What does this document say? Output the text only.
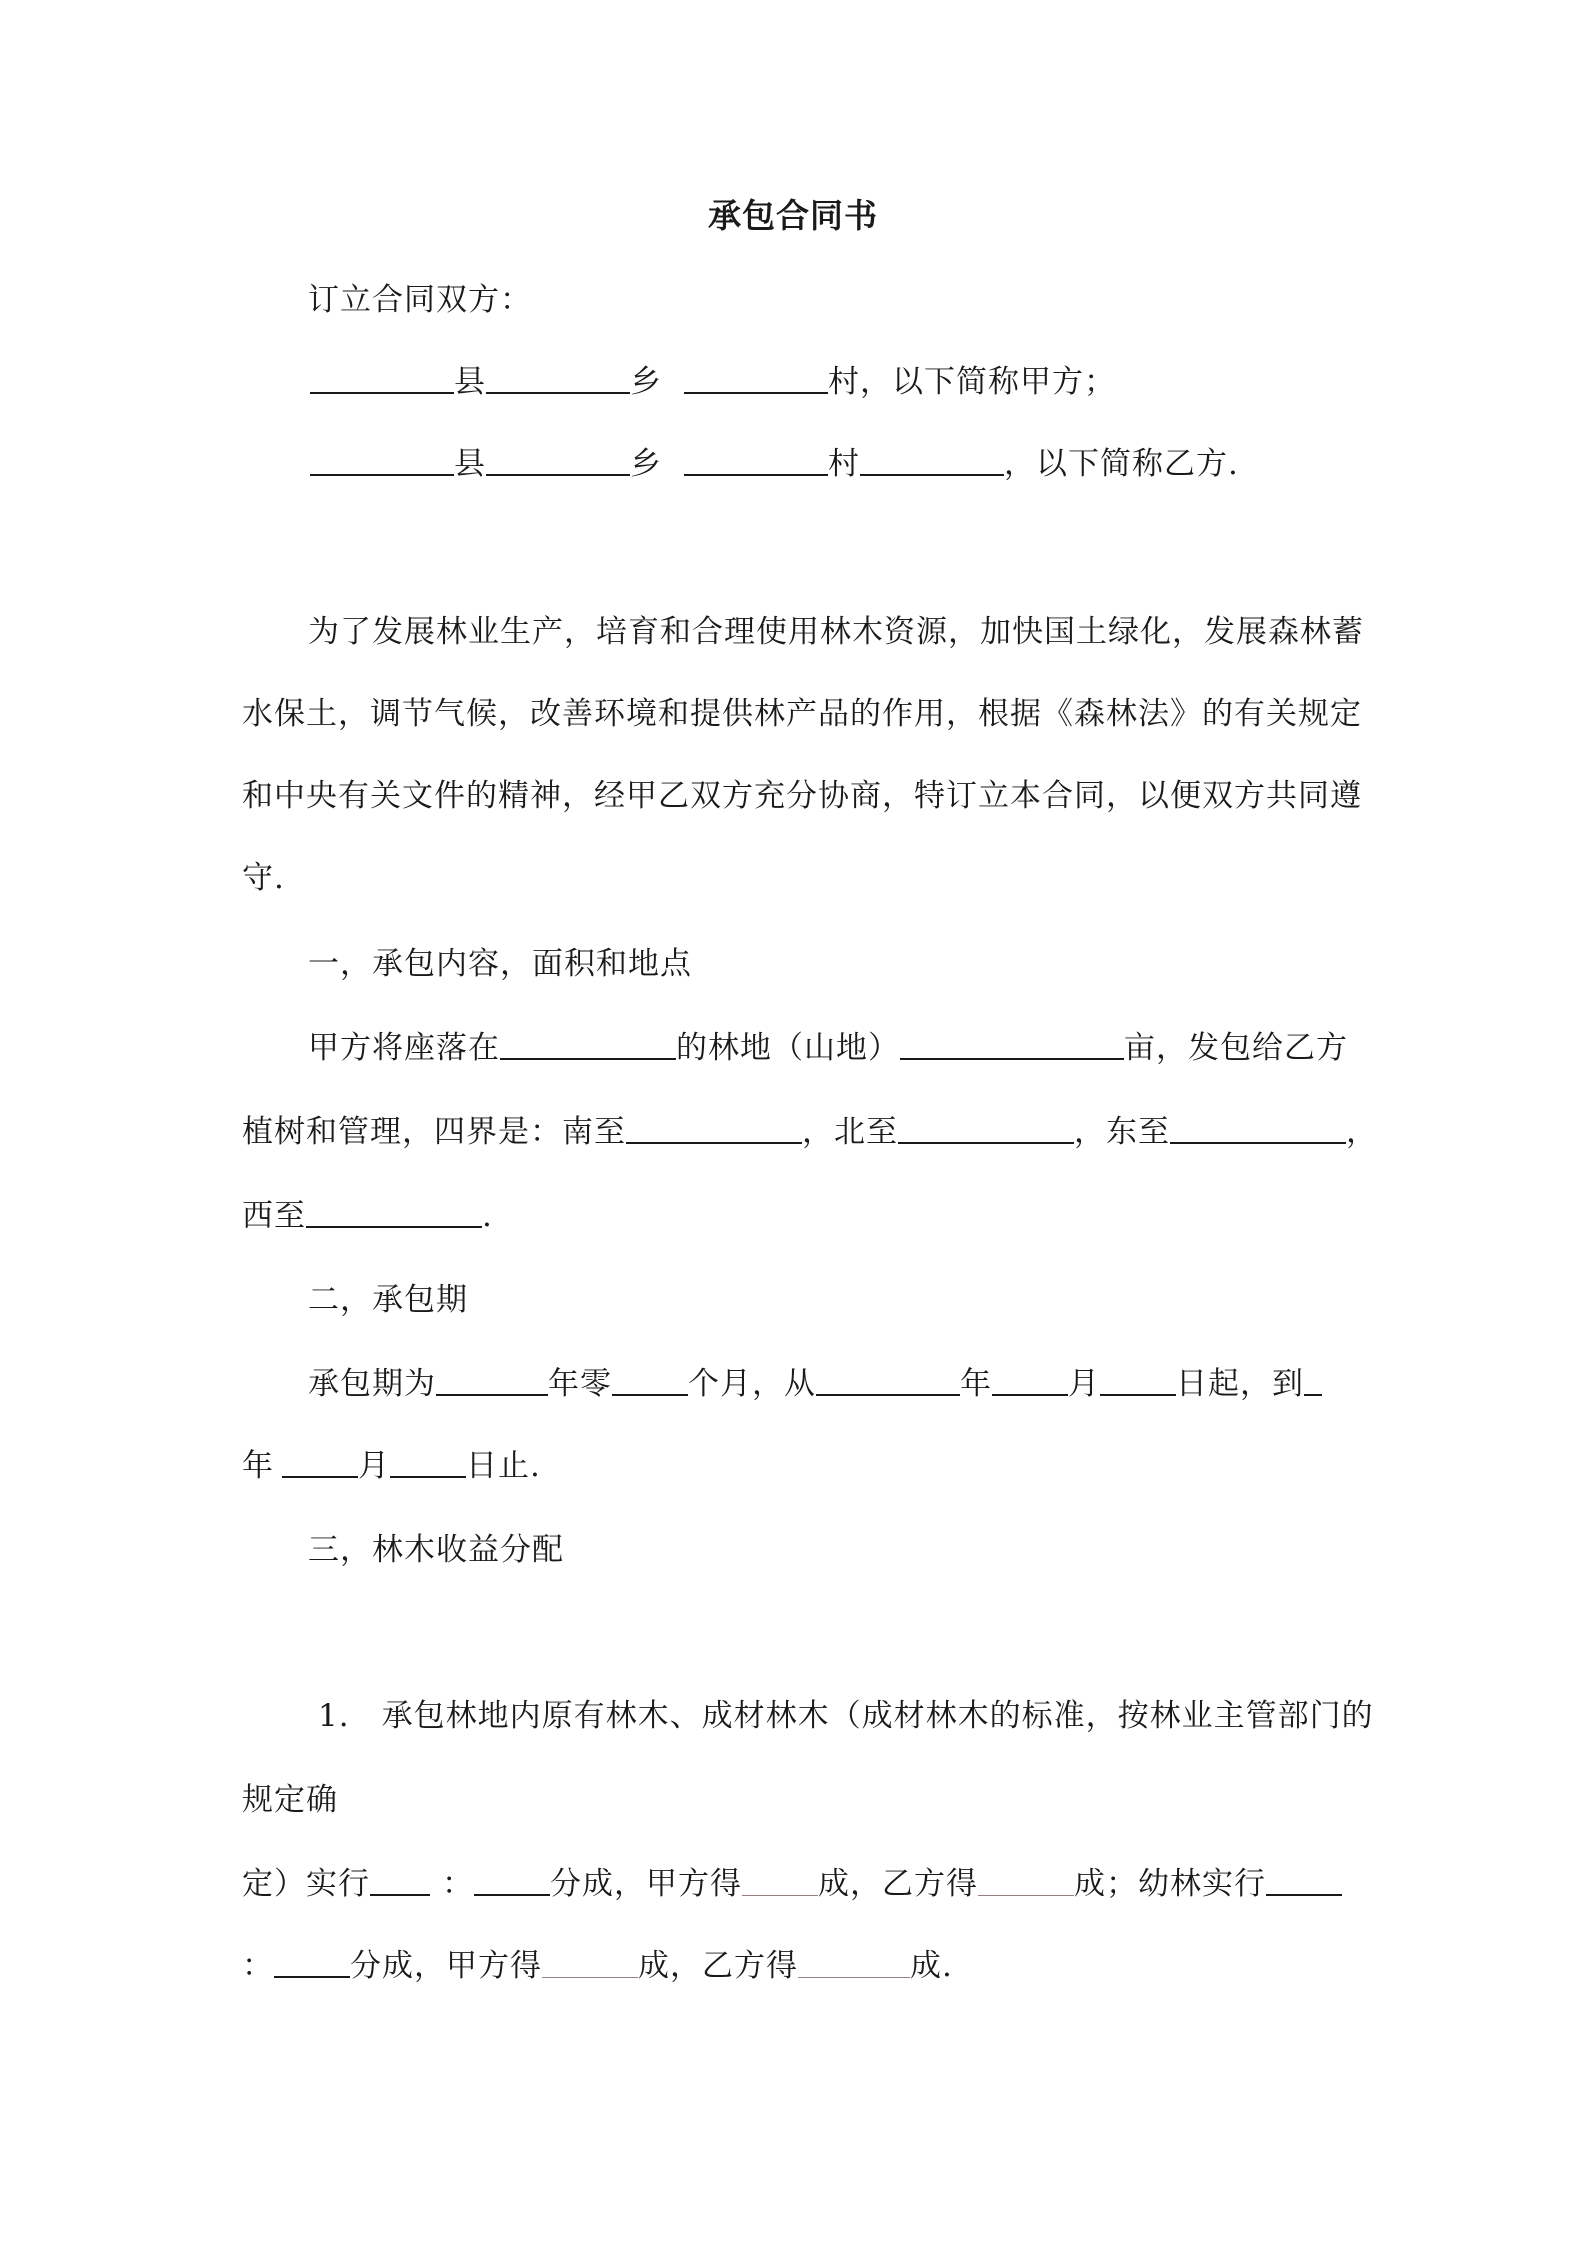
承包合同书
订立合同双方：
县	乡	村，以下简称甲方；
县	乡	村	，以下简称乙方.
为了发展林业生产，培育和合理使用林木资源，加快国土绿化，发展森林蓄
水保土，调节气候，改善环境和提供林产品的作用，根据《森林法》的有关规定
和中央有关文件的精神，经甲乙双方充分协商，特订立本合同，以便双方共同遵
守.
一，承包内容，面积和地点
甲方将座落在	的林地（山地）	亩，发包给乙方
植树和管理，四界是：南至	，北至	，东至	，
西至	.
二，承包期
承包期为	年零 个月，从	年 月 日起，到
年	月 日止.
三，林木收益分配
1. 承包林地内原有林木、成材林木（成材林木的标准，按林业主管部门的
规定确
定）实行 ： 分成，甲方得 成，乙方得	成；幼林实行
： 分成，甲方得	成，乙方得	成.
